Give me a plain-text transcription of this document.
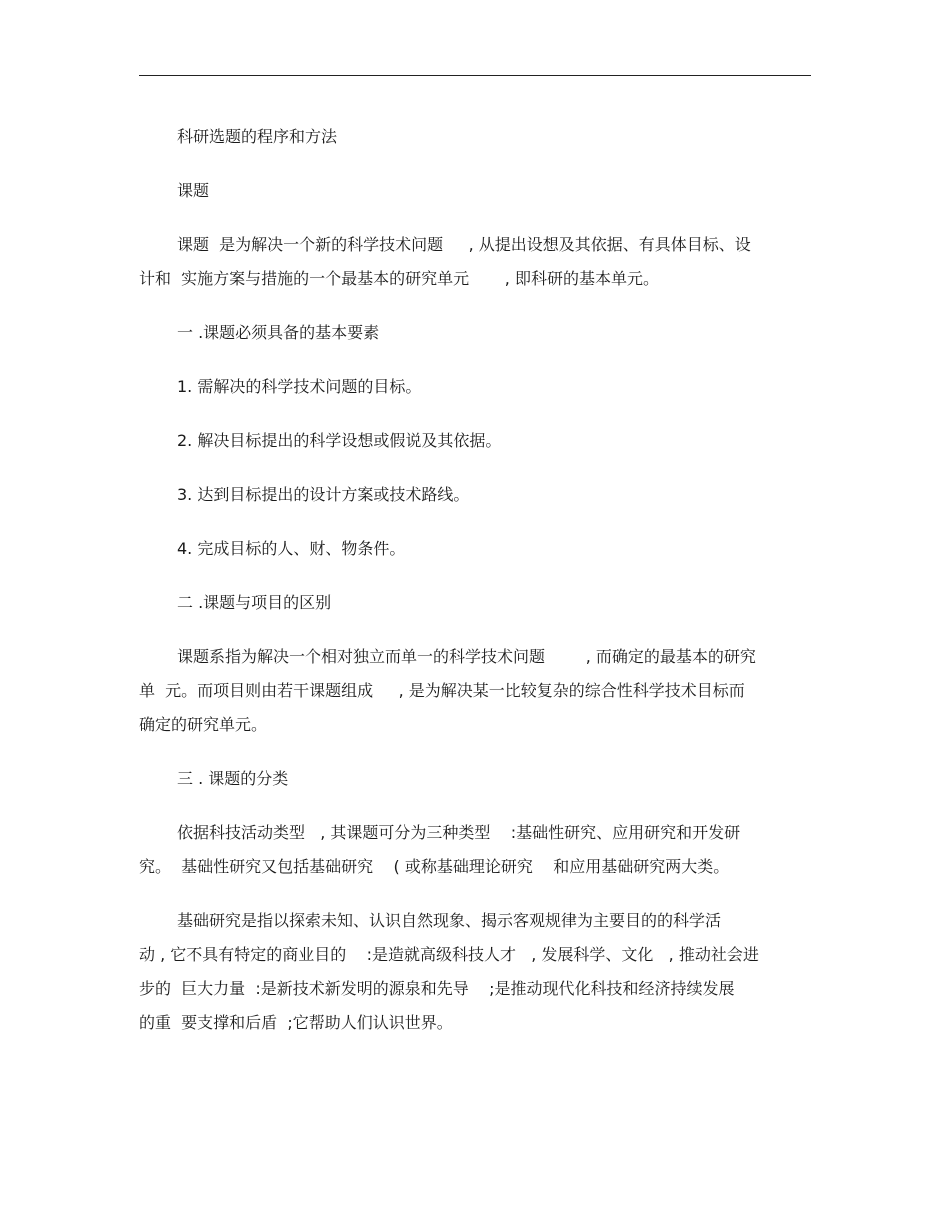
科研选题的程序和方法
课题
课题  是为解决一个新的科学技术问题     , 从提出设想及其依据、有具体目标、设
计和  实施方案与措施的一个最基本的研究单元       , 即科研的基本单元。
一 .课题必须具备的基本要素
1. 需解决的科学技术问题的目标。
2. 解决目标提出的科学设想或假说及其依据。
3. 达到目标提出的设计方案或技术路线。
4. 完成目标的人、财、物条件。
二 .课题与项目的区别
课题系指为解决一个相对独立而单一的科学技术问题        , 而确定的最基本的研究
单  元。而项目则由若干课题组成     , 是为解决某一比较复杂的综合性科学技术目标而
确定的研究单元。
三 . 课题的分类
依据科技活动类型   , 其课题可分为三种类型    :基础性研究、应用研究和开发研
究。  基础性研究又包括基础研究    ( 或称基础理论研究    和应用基础研究两大类。
基础研究是指以探索未知、认识自然现象、揭示客观规律为主要目的的科学活
动 , 它不具有特定的商业目的    :是造就高级科技人才   , 发展科学、文化   , 推动社会进
步的  巨大力量  :是新技术新发明的源泉和先导    ;是推动现代化科技和经济持续发展
的重  要支撑和后盾  ;它帮助人们认识世界。
